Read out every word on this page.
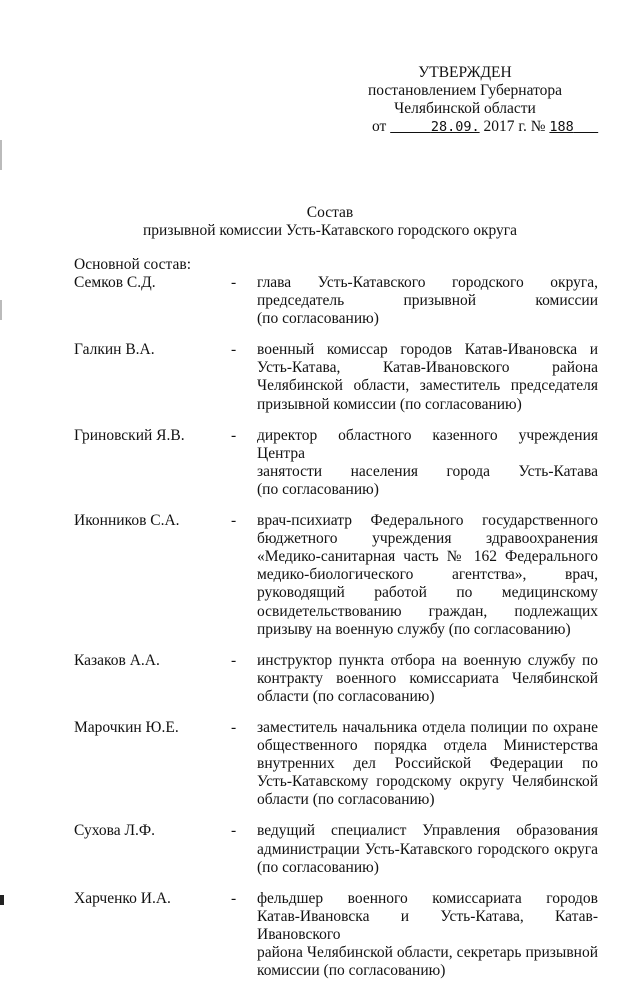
УТВЕРЖДЕН
постановлением Губернатора
Челябинской области
от	28.09. 2017 г. № 188
Состав
призывной комиссии Усть-Катавского городского округа
Основной состав:
Семков С.Д.	-	глава Усть-Катавского городского округа,
председатель призывной комиссии
(по согласованию)
Галкин В.А.	-	военный комиссар городов Катав-Ивановска и
Усть-Катава, Катав-Ивановского района
Челябинской области, заместитель председателя
призывной комиссии (по согласованию)
Гриновский Я.В.	-	директор областного казенного учреждения Центра
занятости населения города Усть-Катава
(по согласованию)
Иконников С.А.	-	врач-психиатр Федерального государственного
бюджетного учреждения здравоохранения
«Медико-санитарная часть № 162 Федерального
медико-биологического агентства», врач,
руководящий работой по медицинскому
освидетельствованию граждан, подлежащих
призыву на военную службу (по согласованию)
Казаков А.А.	-	инструктор пункта отбора на военную службу по
контракту военного комиссариата Челябинской
области (по согласованию)
Марочкин Ю.Е.	-	заместитель начальника отдела полиции по охране
общественного порядка отдела Министерства
внутренних дел Российской Федерации по
Усть-Катавскому городскому округу Челябинской
области (по согласованию)
Сухова Л.Ф.	-	ведущий специалист Управления образования
администрации Усть-Катавского городского округа
(по согласованию)
Харченко И.А.	-	фельдшер военного комиссариата городов
Катав-Ивановска и Усть-Катава, Катав-Ивановского
района Челябинской области, секретарь призывной
комиссии (по согласованию)
